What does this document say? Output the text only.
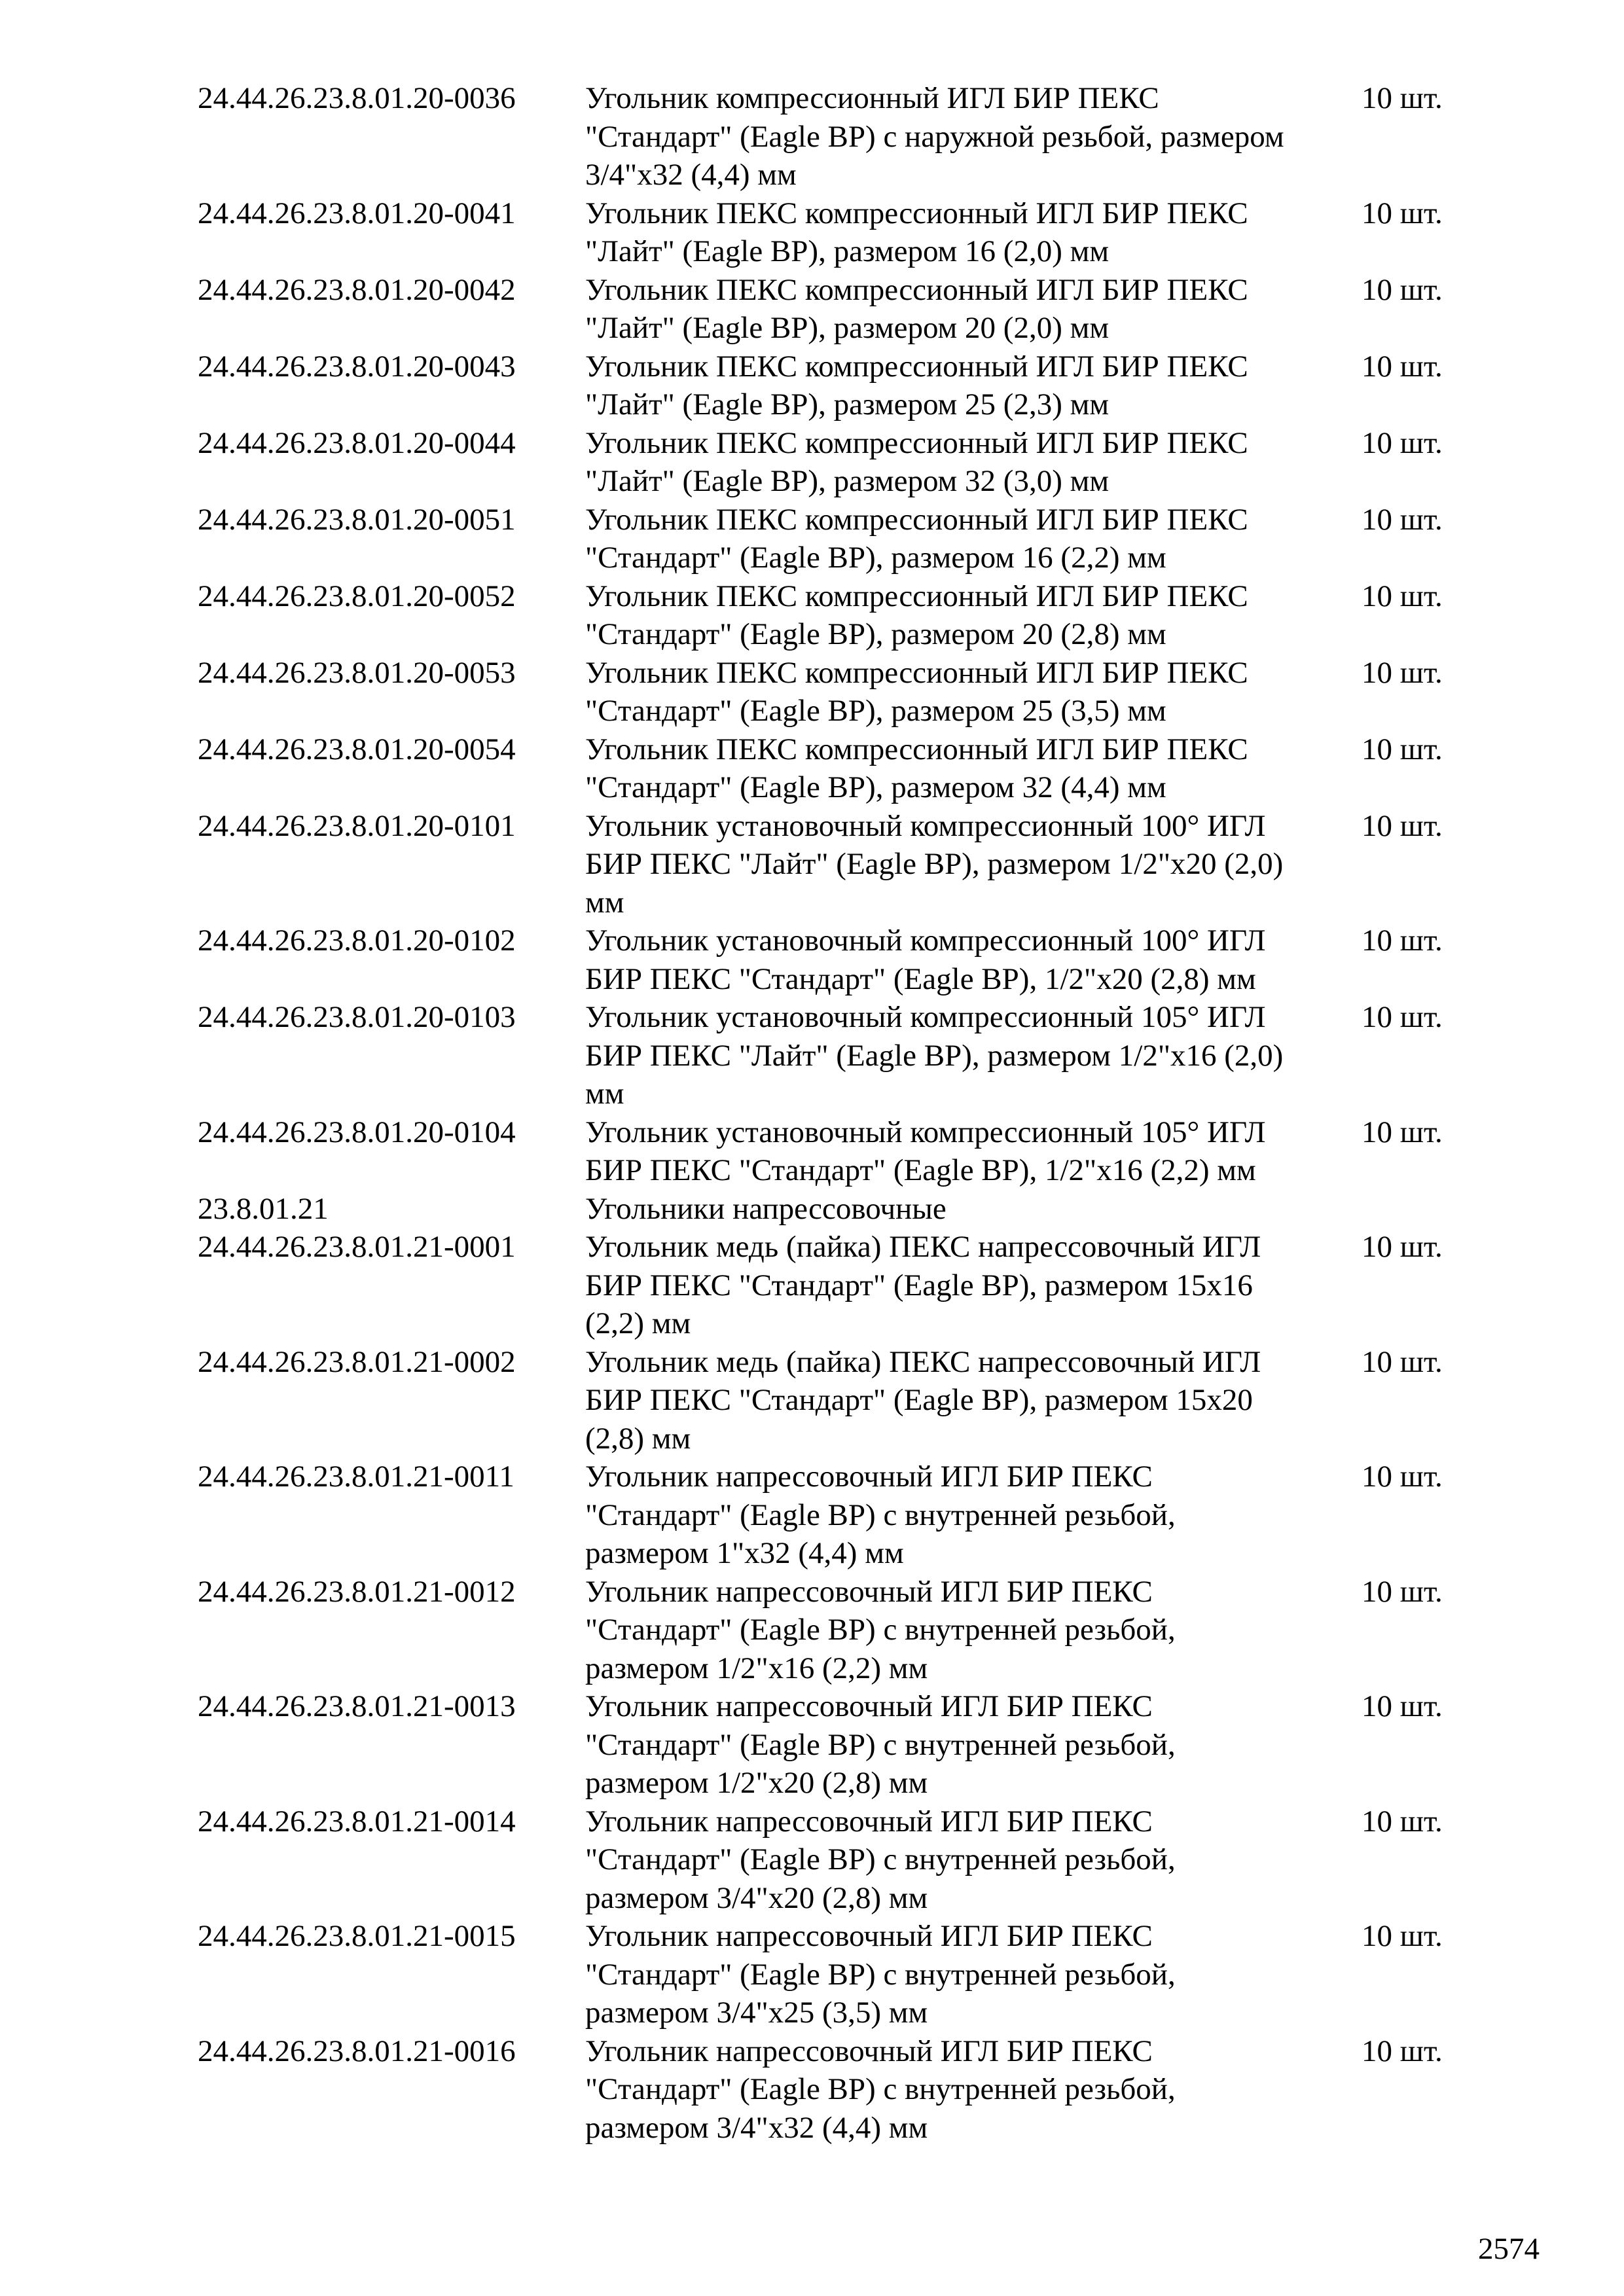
24.44.26.23.8.01.20-0036 Угольник компрессионный ИГЛ БИР ПЕКС
"Стандарт" (Eagle BP) с наружной резьбой, размером
3/4"x32 (4,4) мм
10 шт.
24.44.26.23.8.01.20-0041 Угольник ПЕКС компрессионный ИГЛ БИР ПЕКС
"Лайт" (Eagle BP), размером 16 (2,0) мм
10 шт.
24.44.26.23.8.01.20-0042 Угольник ПЕКС компрессионный ИГЛ БИР ПЕКС
"Лайт" (Eagle BP), размером 20 (2,0) мм
10 шт.
24.44.26.23.8.01.20-0043 Угольник ПЕКС компрессионный ИГЛ БИР ПЕКС
"Лайт" (Eagle BP), размером 25 (2,3) мм
10 шт.
24.44.26.23.8.01.20-0044 Угольник ПЕКС компрессионный ИГЛ БИР ПЕКС
"Лайт" (Eagle BP), размером 32 (3,0) мм
10 шт.
24.44.26.23.8.01.20-0051 Угольник ПЕКС компрессионный ИГЛ БИР ПЕКС
"Стандарт" (Eagle BP), размером 16 (2,2) мм
10 шт.
24.44.26.23.8.01.20-0052 Угольник ПЕКС компрессионный ИГЛ БИР ПЕКС
"Стандарт" (Eagle BP), размером 20 (2,8) мм
10 шт.
24.44.26.23.8.01.20-0053 Угольник ПЕКС компрессионный ИГЛ БИР ПЕКС
"Стандарт" (Eagle BP), размером 25 (3,5) мм
10 шт.
24.44.26.23.8.01.20-0054 Угольник ПЕКС компрессионный ИГЛ БИР ПЕКС
"Стандарт" (Eagle BP), размером 32 (4,4) мм
10 шт.
24.44.26.23.8.01.20-0101 Угольник установочный компрессионный 100° ИГЛ
БИР ПЕКС "Лайт" (Eagle BP), размером 1/2"x20 (2,0)
мм
10 шт.
24.44.26.23.8.01.20-0102 Угольник установочный компрессионный 100° ИГЛ
БИР ПЕКС "Стандарт" (Eagle BP), 1/2"x20 (2,8) мм
10 шт.
24.44.26.23.8.01.20-0103 Угольник установочный компрессионный 105° ИГЛ
БИР ПЕКС "Лайт" (Eagle BP), размером 1/2"x16 (2,0)
мм
10 шт.
24.44.26.23.8.01.20-0104 Угольник установочный компрессионный 105° ИГЛ
БИР ПЕКС "Стандарт" (Eagle BP), 1/2"x16 (2,2) мм
10 шт.
23.8.01.21	Угольники напрессовочные
24.44.26.23.8.01.21-0001 Угольник медь (пайка) ПЕКС напрессовочный ИГЛ
БИР ПЕКС "Стандарт" (Eagle BP), размером 15x16
(2,2) мм
10 шт.
24.44.26.23.8.01.21-0002 Угольник медь (пайка) ПЕКС напрессовочный ИГЛ
БИР ПЕКС "Стандарт" (Eagle BP), размером 15x20
(2,8) мм
10 шт.
24.44.26.23.8.01.21-0011 Угольник напрессовочный ИГЛ БИР ПЕКС
"Стандарт" (Eagle BP) с внутренней резьбой,
размером 1"x32 (4,4) мм
10 шт.
24.44.26.23.8.01.21-0012 Угольник напрессовочный ИГЛ БИР ПЕКС
"Стандарт" (Eagle BP) с внутренней резьбой,
размером 1/2"x16 (2,2) мм
10 шт.
24.44.26.23.8.01.21-0013 Угольник напрессовочный ИГЛ БИР ПЕКС
"Стандарт" (Eagle BP) с внутренней резьбой,
размером 1/2"x20 (2,8) мм
10 шт.
24.44.26.23.8.01.21-0014 Угольник напрессовочный ИГЛ БИР ПЕКС
"Стандарт" (Eagle BP) с внутренней резьбой,
размером 3/4"x20 (2,8) мм
10 шт.
24.44.26.23.8.01.21-0015 Угольник напрессовочный ИГЛ БИР ПЕКС
"Стандарт" (Eagle BP) с внутренней резьбой,
размером 3/4"x25 (3,5) мм
10 шт.
24.44.26.23.8.01.21-0016 Угольник напрессовочный ИГЛ БИР ПЕКС
"Стандарт" (Eagle BP) с внутренней резьбой,
размером 3/4"x32 (4,4) мм
10 шт.
2574
